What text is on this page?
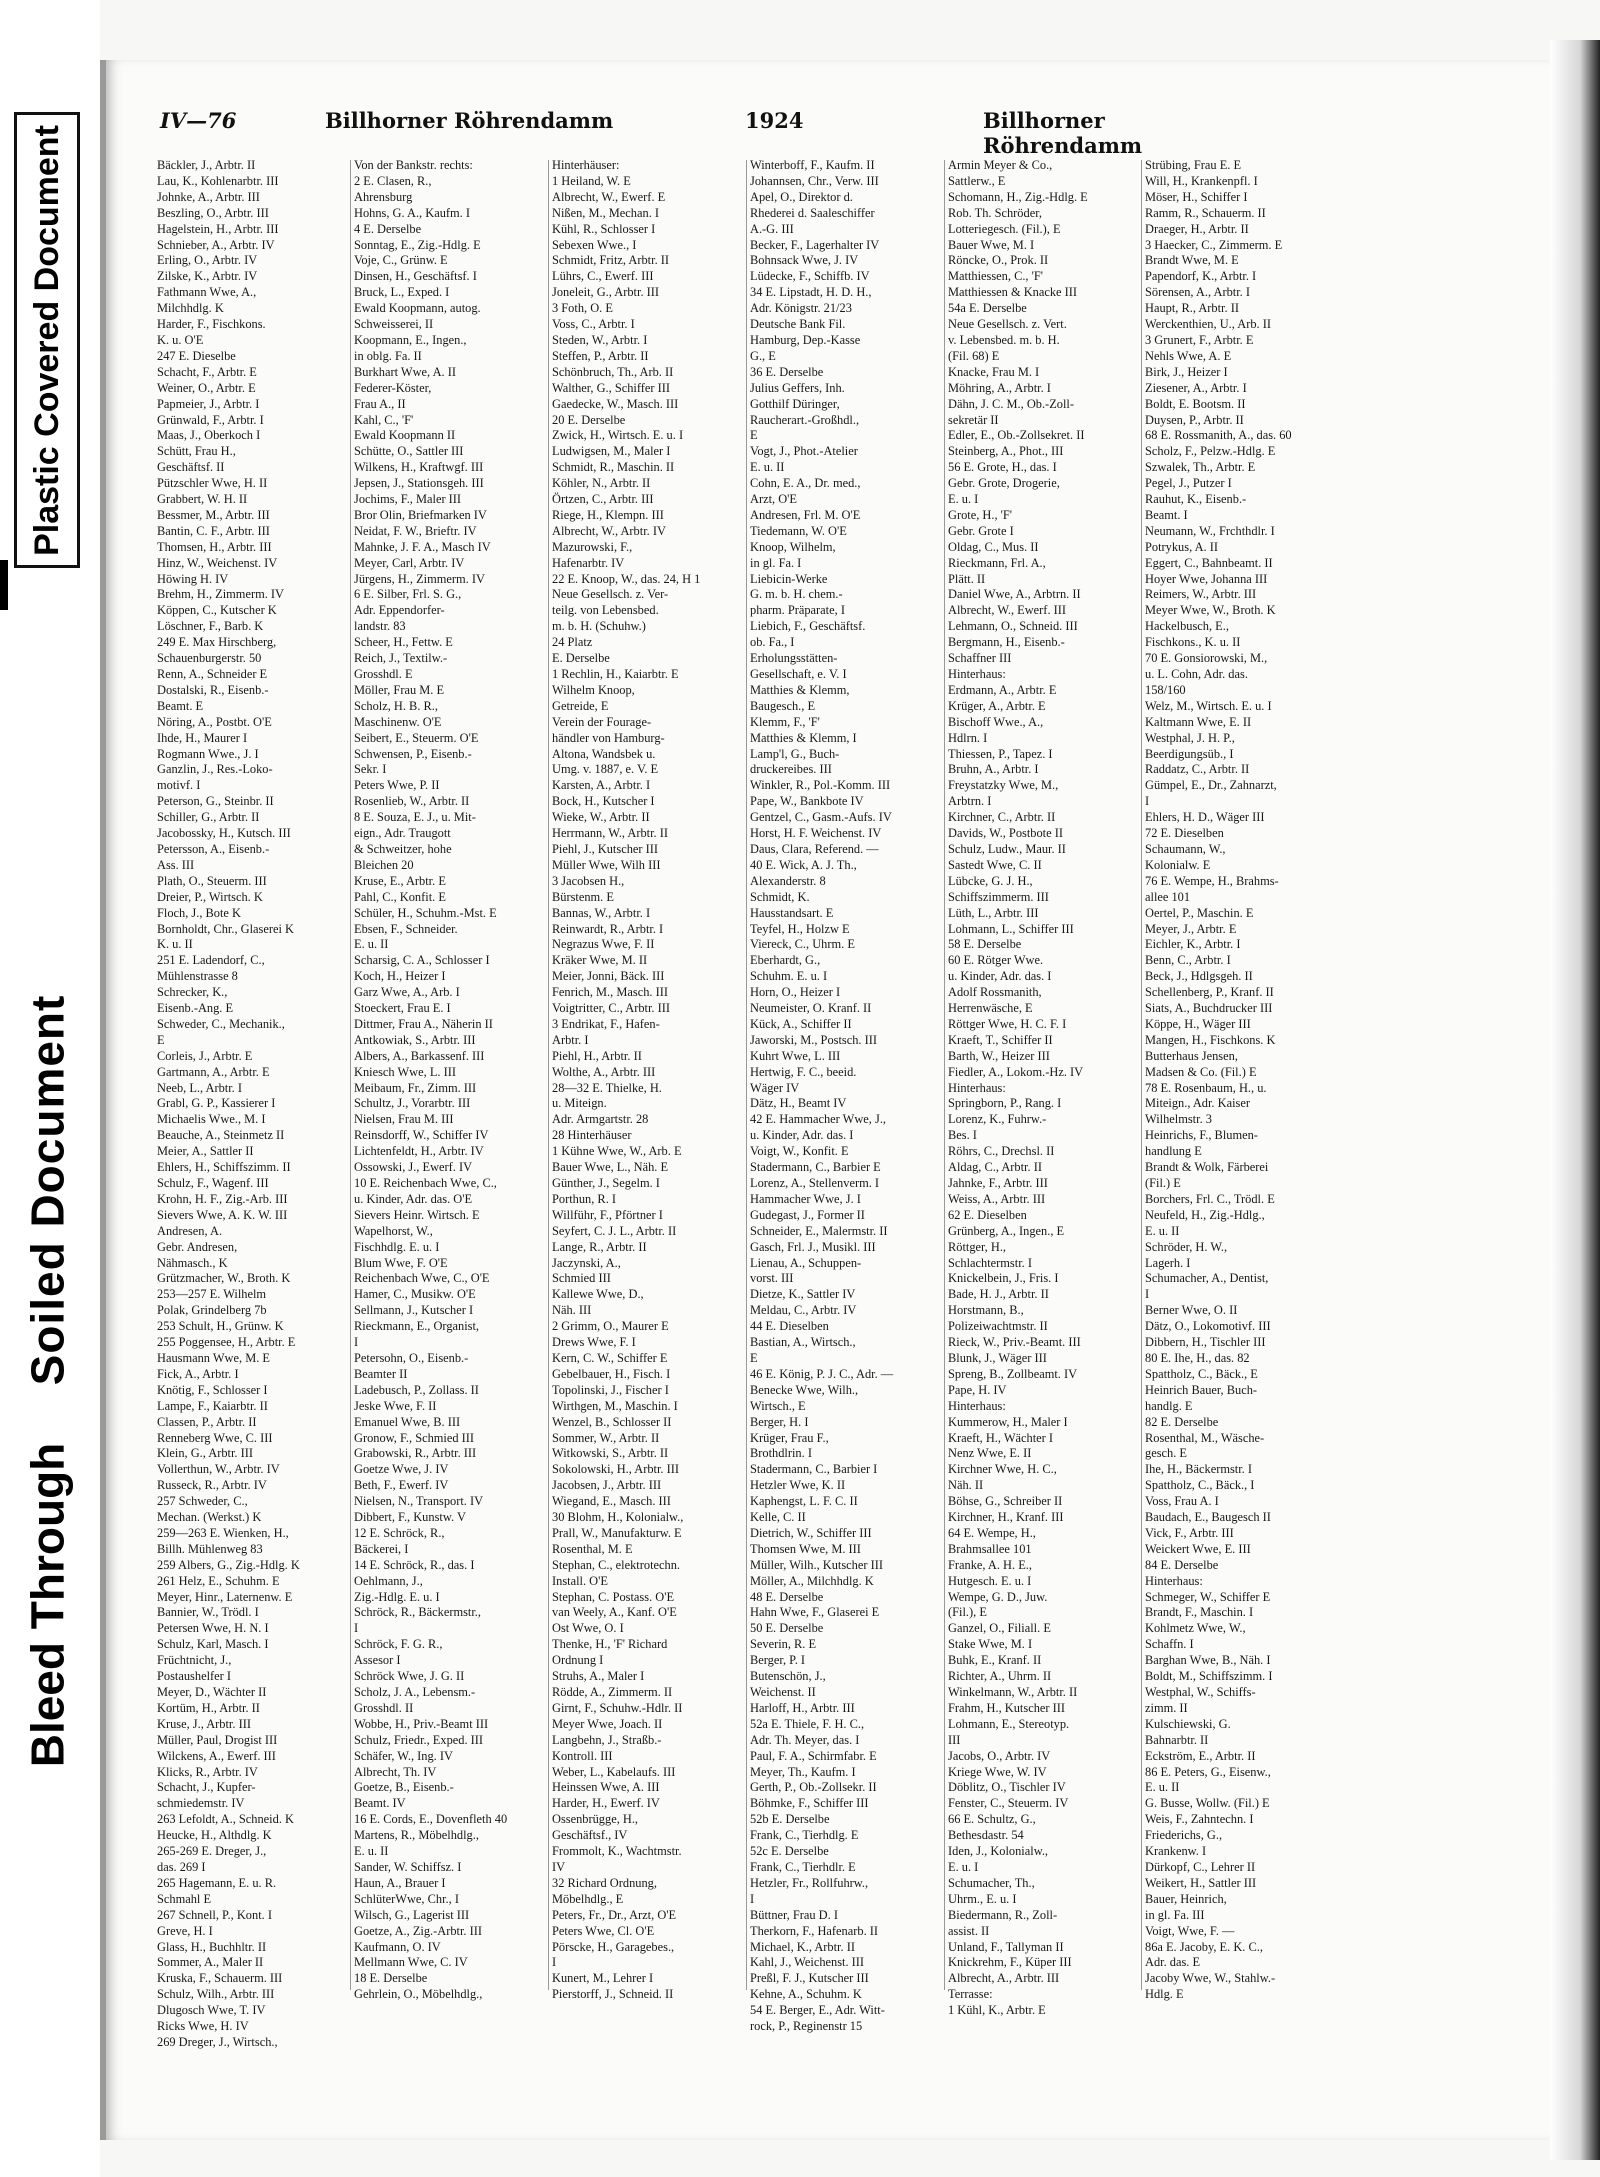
Plastic Covered Document
Soiled Document
Bleed Through
IV—76	Billhorner Röhrendamm	1924	Billhorner Röhrendamm
Bäckler, J., Arbtr. II
Lau, K., Kohlenarbtr. III
Johnke, A., Arbtr. III
Beszling, O., Arbtr. III
Hagelstein, H., Arbtr. III
Schnieber, A., Arbtr. IV
Erling, O., Arbtr. IV
Zilske, K., Arbtr. IV
Fathmann Wwe, A.,
Milchhdlg. K
Harder, F., Fischkons.
K. u. O'E
247 E. Dieselbe
Schacht, F., Arbtr. E
Weiner, O., Arbtr. E
Papmeier, J., Arbtr. I
Grünwald, F., Arbtr. I
Maas, J., Oberkoch I
Schütt, Frau H.,
Geschäftsf. II
Pützschler Wwe, H. II
Grabbert, W. H. II
Bessmer, M., Arbtr. III
Bantin, C. F., Arbtr. III
Thomsen, H., Arbtr. III
Hinz, W., Weichenst. IV
Höwing H. IV
Brehm, H., Zimmerm. IV
Köppen, C., Kutscher K
Löschner, F., Barb. K
249 E. Max Hirschberg,
Schauenburgerstr. 50
Renn, A., Schneider E
Dostalski, R., Eisenb.-
Beamt. E
Nöring, A., Postbt. O'E
Ihde, H., Maurer I
Rogmann Wwe., J. I
Ganzlin, J., Res.-Loko-
motivf. I
Peterson, G., Steinbr. II
Schiller, G., Arbtr. II
Jacobossky, H., Kutsch. III
Petersson, A., Eisenb.-
Ass. III
Plath, O., Steuerm. III
Dreier, P., Wirtsch. K
Floch, J., Bote K
Bornholdt, Chr., Glaserei K
K. u. II
251 E. Ladendorf, C.,
Mühlenstrasse 8
Schrecker, K.,
Eisenb.-Ang. E
Schweder, C., Mechanik.,
E
Corleis, J., Arbtr. E
Gartmann, A., Arbtr. E
Neeb, L., Arbtr. I
Grabl, G. P., Kassierer I
Michaelis Wwe., M. I
Beauche, A., Steinmetz II
Meier, A., Sattler II
Ehlers, H., Schiffszimm. II
Schulz, F., Wagenf. III
Krohn, H. F., Zig.-Arb. III
Sievers Wwe, A. K. W. III
Andresen, A.
Gebr. Andresen,
Nähmasch., K
Grützmacher, W., Broth. K
253—257 E. Wilhelm
Polak, Grindelberg 7b
253 Schult, H., Grünw. K
255 Poggensee, H., Arbtr. E
Hausmann Wwe, M. E
Fick, A., Arbtr. I
Knötig, F., Schlosser I
Lampe, F., Kaiarbtr. II
Classen, P., Arbtr. II
Renneberg Wwe, C. III
Klein, G., Arbtr. III
Vollerthun, W., Arbtr. IV
Russeck, R., Arbtr. IV
257 Schweder, C.,
Mechan. (Werkst.) K
259—263 E. Wienken, H.,
Billh. Mühlenweg 83
259 Albers, G., Zig.-Hdlg. K
261 Helz, E., Schuhm. E
Meyer, Hinr., Laternenw. E
Bannier, W., Trödl. I
Petersen Wwe, H. N. I
Schulz, Karl, Masch. I
Früchtnicht, J.,
Postaushelfer I
Meyer, D., Wächter II
Kortüm, H., Arbtr. II
Kruse, J., Arbtr. III
Müller, Paul, Drogist III
Wilckens, A., Ewerf. III
Klicks, R., Arbtr. IV
Schacht, J., Kupfer-
schmiedemstr. IV
263 Lefoldt, A., Schneid. K
Heucke, H., Althdlg. K
265-269 E. Dreger, J.,
das. 269 I
265 Hagemann, E. u. R.
Schmahl E
267 Schnell, P., Kont. I
Greve, H. I
Glass, H., Buchhltr. II
Sommer, A., Maler II
Kruska, F., Schauerm. III
Schulz, Wilh., Arbtr. III
Dlugosch Wwe, T. IV
Ricks Wwe, H. IV
269 Dreger, J., Wirtsch.,
Von der Bankstr. rechts:
2 E. Clasen, R.,
Ahrensburg
Hohns, G. A., Kaufm. I
4 E. Derselbe
Sonntag, E., Zig.-Hdlg. E
Voje, C., Grünw. E
Dinsen, H., Geschäftsf. I
Bruck, L., Exped. I
Ewald Koopmann, autog.
Schweisserei, II
Koopmann, E., Ingen.,
in oblg. Fa. II
Burkhart Wwe, A. II
Federer-Köster,
Frau A., II
Kahl, C., 'F'
Ewald Koopmann II
Schütte, O., Sattler III
Wilkens, H., Kraftwgf. III
Jepsen, J., Stationsgeh. III
Jochims, F., Maler III
Bror Olin, Briefmarken IV
Neidat, F. W., Brieftr. IV
Mahnke, J. F. A., Masch IV
Meyer, Carl, Arbtr. IV
Jürgens, H., Zimmerm. IV
6 E. Silber, Frl. S. G.,
Adr. Eppendorfer-
landstr. 83
Scheer, H., Fettw. E
Reich, J., Textilw.-
Grosshdl. E
Möller, Frau M. E
Scholz, H. B. R.,
Maschinenw. O'E
Seibert, E., Steuerm. O'E
Schwensen, P., Eisenb.-
Sekr. I
Peters Wwe, P. II
Rosenlieb, W., Arbtr. II
8 E. Souza, E. J., u. Mit-
eign., Adr. Traugott
& Schweitzer, hohe
Bleichen 20
Kruse, E., Arbtr. E
Pahl, C., Konfit. E
Schüler, H., Schuhm.-Mst. E
Ebsen, F., Schneider.
E. u. II
Scharsig, C. A., Schlosser I
Koch, H., Heizer I
Garz Wwe, A., Arb. I
Stoeckert, Frau E. I
Dittmer, Frau A., Näherin II
Antkowiak, S., Arbtr. III
Albers, A., Barkassenf. III
Kniesch Wwe, L. III
Meibaum, Fr., Zimm. III
Schultz, J., Vorarbtr. III
Nielsen, Frau M. III
Reinsdorff, W., Schiffer IV
Lichtenfeldt, H., Arbtr. IV
Ossowski, J., Ewerf. IV
10 E. Reichenbach Wwe, C.,
u. Kinder, Adr. das. O'E
Sievers Heinr. Wirtsch. E
Wapelhorst, W.,
Fischhdlg. E. u. I
Blum Wwe, F. O'E
Reichenbach Wwe, C., O'E
Hamer, C., Musikw. O'E
Sellmann, J., Kutscher I
Rieckmann, E., Organist,
I
Petersohn, O., Eisenb.-
Beamter II
Ladebusch, P., Zollass. II
Jeske Wwe, F. II
Emanuel Wwe, B. III
Gronow, F., Schmied III
Grabowski, R., Arbtr. III
Goetze Wwe, J. IV
Beth, F., Ewerf. IV
Nielsen, N., Transport. IV
Dibbert, F., Kunstw. V
12 E. Schröck, R.,
Bäckerei, I
14 E. Schröck, R., das. I
Oehlmann, J.,
Zig.-Hdlg. E. u. I
Schröck, R., Bäckermstr.,
I
Schröck, F. G. R.,
Assesor I
Schröck Wwe, J. G. II
Scholz, J. A., Lebensm.-
Grosshdl. II
Wobbe, H., Priv.-Beamt III
Schulz, Friedr., Exped. III
Schäfer, W., Ing. IV
Albrecht, Th. IV
Goetze, B., Eisenb.-
Beamt. IV
16 E. Cords, E., Dovenfleth 40
Martens, R., Möbelhdlg.,
E. u. II
Sander, W. Schiffsz. I
Haun, A., Brauer I
SchlüterWwe, Chr., I
Wilsch, G., Lagerist III
Goetze, A., Zig.-Arbtr. III
Kaufmann, O. IV
Mellmann Wwe, C. IV
18 E. Derselbe
Gehrlein, O., Möbelhdlg.,
Hinterhäuser:
1 Heiland, W. E
Albrecht, W., Ewerf. E
Nißen, M., Mechan. I
Kühl, R., Schlosser I
Sebexen Wwe., I
Schmidt, Fritz, Arbtr. II
Lührs, C., Ewerf. III
Joneleit, G., Arbtr. III
3 Foth, O. E
Voss, C., Arbtr. I
Steden, W., Arbtr. I
Steffen, P., Arbtr. II
Schönbruch, Th., Arb. II
Walther, G., Schiffer III
Gaedecke, W., Masch. III
20 E. Derselbe
Zwick, H., Wirtsch. E. u. I
Ludwigsen, M., Maler I
Schmidt, R., Maschin. II
Köhler, N., Arbtr. II
Örtzen, C., Arbtr. III
Riege, H., Klempn. III
Albrecht, W., Arbtr. IV
Mazurowski, F.,
Hafenarbtr. IV
22 E. Knoop, W., das. 24, H 1
Neue Gesellsch. z. Ver-
teilg. von Lebensbed.
m. b. H. (Schuhw.)
24 Platz
E. Derselbe
1 Rechlin, H., Kaiarbtr. E
Wilhelm Knoop,
Getreide, E
Verein der Fourage-
händler von Hamburg-
Altona, Wandsbek u.
Umg. v. 1887, e. V. E
Karsten, A., Arbtr. I
Bock, H., Kutscher I
Wieke, W., Arbtr. II
Herrmann, W., Arbtr. II
Piehl, J., Kutscher III
Müller Wwe, Wilh III
3 Jacobsen H.,
Bürstenm. E
Bannas, W., Arbtr. I
Reinwardt, R., Arbtr. I
Negrazus Wwe, F. II
Kräker Wwe, M. II
Meier, Jonni, Bäck. III
Fenrich, M., Masch. III
Voigtritter, C., Arbtr. III
3 Endrikat, F., Hafen-
Arbtr. I
Piehl, H., Arbtr. II
Wolthe, A., Arbtr. III
28—32 E. Thielke, H.
u. Miteign.
Adr. Armgartstr. 28
28 Hinterhäuser
1 Kühne Wwe, W., Arb. E
Bauer Wwe, L., Näh. E
Günther, J., Segelm. I
Porthun, R. I
Willführ, F., Pförtner I
Seyfert, C. J. L., Arbtr. II
Lange, R., Arbtr. II
Jaczynski, A.,
Schmied III
Kallewe Wwe, D.,
Näh. III
2 Grimm, O., Maurer E
Drews Wwe, F. I
Kern, C. W., Schiffer E
Gebelbauer, H., Fisch. I
Topolinski, J., Fischer I
Wirthgen, M., Maschin. I
Wenzel, B., Schlosser II
Sommer, W., Arbtr. II
Witkowski, S., Arbtr. II
Sokolowski, H., Arbtr. III
Jacobsen, J., Arbtr. III
Wiegand, E., Masch. III
30 Blohm, H., Kolonialw.,
Prall, W., Manufakturw. E
Rosenthal, M. E
Stephan, C., elektrotechn.
Install. O'E
Stephan, C. Postass. O'E
van Weely, A., Kanf. O'E
Ost Wwe, O. I
Thenke, H., 'F' Richard
Ordnung I
Struhs, A., Maler I
Rödde, A., Zimmerm. II
Girnt, F., Schuhw.-Hdlr. II
Meyer Wwe, Joach. II
Langbehn, J., Straßb.-
Kontroll. III
Weber, L., Kabelaufs. III
Heinssen Wwe, A. III
Harder, H., Ewerf. IV
Ossenbrügge, H.,
Geschäftsf., IV
Frommolt, K., Wachtmstr.
IV
32 Richard Ordnung,
Möbelhdlg., E
Peters, Fr., Dr., Arzt, O'E
Peters Wwe, Cl. O'E
Pörscke, H., Garagebes.,
I
Kunert, M., Lehrer I
Pierstorff, J., Schneid. II
Winterboff, F., Kaufm. II
Johannsen, Chr., Verw. III
Apel, O., Direktor d.
Rhederei d. Saaleschiffer
A.-G. III
Becker, F., Lagerhalter IV
Bohnsack Wwe, J. IV
Lüdecke, F., Schiffb. IV
34 E. Lipstadt, H. D. H.,
Adr. Königstr. 21/23
Deutsche Bank Fil.
Hamburg, Dep.-Kasse
G., E
36 E. Derselbe
Julius Geffers, Inh.
Gotthilf Düringer,
Raucherart.-Großhdl.,
E
Vogt, J., Phot.-Atelier
E. u. II
Cohn, E. A., Dr. med.,
Arzt, O'E
Andresen, Frl. M. O'E
Tiedemann, W. O'E
Knoop, Wilhelm,
in gl. Fa. I
Liebicin-Werke
G. m. b. H. chem.-
pharm. Präparate, I
Liebich, F., Geschäftsf.
ob. Fa., I
Erholungsstätten-
Gesellschaft, e. V. I
Matthies & Klemm,
Baugesch., E
Klemm, F., 'F'
Matthies & Klemm, I
Lamp'l, G., Buch-
druckereibes. III
Winkler, R., Pol.-Komm. III
Pape, W., Bankbote IV
Gentzel, C., Gasm.-Aufs. IV
Horst, H. F. Weichenst. IV
Daus, Clara, Referend. —
40 E. Wick, A. J. Th.,
Alexanderstr. 8
Schmidt, K.
Hausstandsart. E
Teyfel, H., Holzw E
Viereck, C., Uhrm. E
Eberhardt, G.,
Schuhm. E. u. I
Horn, O., Heizer I
Neumeister, O. Kranf. II
Kück, A., Schiffer II
Jaworski, M., Postsch. III
Kuhrt Wwe, L. III
Hertwig, F. C., beeid.
Wäger IV
Dätz, H., Beamt IV
42 E. Hammacher Wwe, J.,
u. Kinder, Adr. das. I
Voigt, W., Konfit. E
Stadermann, C., Barbier E
Lorenz, A., Stellenverm. I
Hammacher Wwe, J. I
Gudegast, J., Former II
Schneider, E., Malermstr. II
Gasch, Frl. J., Musikl. III
Lienau, A., Schuppen-
vorst. III
Dietze, K., Sattler IV
Meldau, C., Arbtr. IV
44 E. Dieselben
Bastian, A., Wirtsch.,
E
46 E. König, P. J. C., Adr. —
Benecke Wwe, Wilh.,
Wirtsch., E
Berger, H. I
Krüger, Frau F.,
Brothdlrin. I
Stadermann, C., Barbier I
Hetzler Wwe, K. II
Kaphengst, L. F. C. II
Kelle, C. II
Dietrich, W., Schiffer III
Thomsen Wwe, M. III
Müller, Wilh., Kutscher III
Möller, A., Milchhdlg. K
48 E. Derselbe
Hahn Wwe, F., Glaserei E
50 E. Derselbe
Severin, R. E
Berger, P. I
Butenschön, J.,
Weichenst. II
Harloff, H., Arbtr. III
52a E. Thiele, F. H. C.,
Adr. Th. Meyer, das. I
Paul, F. A., Schirmfabr. E
Meyer, Th., Kaufm. I
Gerth, P., Ob.-Zollsekr. II
Böhmke, F., Schiffer III
52b E. Derselbe
Frank, C., Tierhdlg. E
52c E. Derselbe
Frank, C., Tierhdlr. E
Hetzler, Fr., Rollfuhrw.,
I
Büttner, Frau D. I
Therkorn, F., Hafenarb. II
Michael, K., Arbtr. II
Kahl, J., Weichenst. III
Preßl, F. J., Kutscher III
Kehne, A., Schuhm. K
54 E. Berger, E., Adr. Witt-
rock, P., Reginenstr 15
Armin Meyer & Co.,
Sattlerw., E
Schomann, H., Zig.-Hdlg. E
Rob. Th. Schröder,
Lotteriegesch. (Fil.), E
Bauer Wwe, M. I
Röncke, O., Prok. II
Matthiessen, C., 'F'
Matthiessen & Knacke III
54a E. Derselbe
Neue Gesellsch. z. Vert.
v. Lebensbed. m. b. H.
(Fil. 68) E
Knacke, Frau M. I
Möhring, A., Arbtr. I
Dähn, J. C. M., Ob.-Zoll-
sekretär II
Edler, E., Ob.-Zollsekret. II
Steinberg, A., Phot., III
56 E. Grote, H., das. I
Gebr. Grote, Drogerie,
E. u. I
Grote, H., 'F'
Gebr. Grote I
Oldag, C., Mus. II
Rieckmann, Frl. A.,
Plätt. II
Daniel Wwe, A., Arbtrn. II
Albrecht, W., Ewerf. III
Lehmann, O., Schneid. III
Bergmann, H., Eisenb.-
Schaffner III
Hinterhaus:
Erdmann, A., Arbtr. E
Krüger, A., Arbtr. E
Bischoff Wwe., A.,
Hdlrn. I
Thiessen, P., Tapez. I
Bruhn, A., Arbtr. I
Freystatzky Wwe, M.,
Arbtrn. I
Kirchner, C., Arbtr. II
Davids, W., Postbote II
Schulz, Ludw., Maur. II
Sastedt Wwe, C. II
Lübcke, G. J. H.,
Schiffszimmerm. III
Lüth, L., Arbtr. III
Lohmann, L., Schiffer III
58 E. Derselbe
60 E. Rötger Wwe.
u. Kinder, Adr. das. I
Adolf Rossmanith,
Herrenwäsche, E
Röttger Wwe, H. C. F. I
Kraeft, T., Schiffer II
Barth, W., Heizer III
Fiedler, A., Lokom.-Hz. IV
Hinterhaus:
Springborn, P., Rang. I
Lorenz, K., Fuhrw.-
Bes. I
Röhrs, C., Drechsl. II
Aldag, C., Arbtr. II
Jahnke, F., Arbtr. III
Weiss, A., Arbtr. III
62 E. Dieselben
Grünberg, A., Ingen., E
Röttger, H.,
Schlachtermstr. I
Knickelbein, J., Fris. I
Bade, H. J., Arbtr. II
Horstmann, B.,
Polizeiwachtmstr. II
Rieck, W., Priv.-Beamt. III
Blunk, J., Wäger III
Spreng, B., Zollbeamt. IV
Pape, H. IV
Hinterhaus:
Kummerow, H., Maler I
Kraeft, H., Wächter I
Nenz Wwe, E. II
Kirchner Wwe, H. C.,
Näh. II
Böhse, G., Schreiber II
Kirchner, H., Kranf. III
64 E. Wempe, H.,
Brahmsallee 101
Franke, A. H. E.,
Hutgesch. E. u. I
Wempe, G. D., Juw.
(Fil.), E
Ganzel, O., Filiall. E
Stake Wwe, M. I
Buhk, E., Kranf. II
Richter, A., Uhrm. II
Winkelmann, W., Arbtr. II
Frahm, H., Kutscher III
Lohmann, E., Stereotyp.
III
Jacobs, O., Arbtr. IV
Kriege Wwe, W. IV
Döblitz, O., Tischler IV
Fenster, C., Steuerm. IV
66 E. Schultz, G.,
Bethesdastr. 54
Iden, J., Kolonialw.,
E. u. I
Schumacher, Th.,
Uhrm., E. u. I
Biedermann, R., Zoll-
assist. II
Unland, F., Tallyman II
Knickrehm, F., Küper III
Albrecht, A., Arbtr. III
Terrasse:
1 Kühl, K., Arbtr. E
Strübing, Frau E. E
Will, H., Krankenpfl. I
Möser, H., Schiffer I
Ramm, R., Schauerm. II
Draeger, H., Arbtr. II
3 Haecker, C., Zimmerm. E
Brandt Wwe, M. E
Papendorf, K., Arbtr. I
Sörensen, A., Arbtr. I
Haupt, R., Arbtr. II
Werckenthien, U., Arb. II
3 Grunert, F., Arbtr. E
Nehls Wwe, A. E
Birk, J., Heizer I
Ziesener, A., Arbtr. I
Boldt, E. Bootsm. II
Duysen, P., Arbtr. II
68 E. Rossmanith, A., das. 60
Scholz, F., Pelzw.-Hdlg. E
Szwalek, Th., Arbtr. E
Pegel, J., Putzer I
Rauhut, K., Eisenb.-
Beamt. I
Neumann, W., Frchthdlr. I
Potrykus, A. II
Eggert, C., Bahnbeamt. II
Hoyer Wwe, Johanna III
Reimers, W., Arbtr. III
Meyer Wwe, W., Broth. K
Hackelbusch, E.,
Fischkons., K. u. II
70 E. Gonsiorowski, M.,
u. L. Cohn, Adr. das.
158/160
Welz, M., Wirtsch. E. u. I
Kaltmann Wwe, E. II
Westphal, J. H. P.,
Beerdigungsüb., I
Raddatz, C., Arbtr. II
Gümpel, E., Dr., Zahnarzt,
I
Ehlers, H. D., Wäger III
72 E. Dieselben
Schaumann, W.,
Kolonialw. E
76 E. Wempe, H., Brahms-
allee 101
Oertel, P., Maschin. E
Meyer, J., Arbtr. E
Eichler, K., Arbtr. I
Benn, C., Arbtr. I
Beck, J., Hdlgsgeh. II
Schellenberg, P., Kranf. II
Siats, A., Buchdrucker III
Köppe, H., Wäger III
Mangen, H., Fischkons. K
Butterhaus Jensen,
Madsen & Co. (Fil.) E
78 E. Rosenbaum, H., u.
Miteign., Adr. Kaiser
Wilhelmstr. 3
Heinrichs, F., Blumen-
handlung E
Brandt & Wolk, Färberei
(Fil.) E
Borchers, Frl. C., Trödl. E
Neufeld, H., Zig.-Hdlg.,
E. u. II
Schröder, H. W.,
Lagerh. I
Schumacher, A., Dentist,
I
Berner Wwe, O. II
Dätz, O., Lokomotivf. III
Dibbern, H., Tischler III
80 E. Ihe, H., das. 82
Spattholz, C., Bäck., E
Heinrich Bauer, Buch-
handlg. E
82 E. Derselbe
Rosenthal, M., Wäsche-
gesch. E
Ihe, H., Bäckermstr. I
Spattholz, C., Bäck., I
Voss, Frau A. I
Baudach, E., Baugesch II
Vick, F., Arbtr. III
Weickert Wwe, E. III
84 E. Derselbe
Hinterhaus:
Schmeger, W., Schiffer E
Brandt, F., Maschin. I
Kohlmetz Wwe, W.,
Schaffn. I
Barghan Wwe, B., Näh. I
Boldt, M., Schiffszimm. I
Westphal, W., Schiffs-
zimm. II
Kulschiewski, G.
Bahnarbtr. II
Eckström, E., Arbtr. II
86 E. Peters, G., Eisenw.,
E. u. II
G. Busse, Wollw. (Fil.) E
Weis, F., Zahntechn. I
Friederichs, G.,
Krankenw. I
Dürkopf, C., Lehrer II
Weikert, H., Sattler III
Bauer, Heinrich,
in gl. Fa. III
Voigt, Wwe, F. —
86a E. Jacoby, E. K. C.,
Adr. das. E
Jacoby Wwe, W., Stahlw.-
Hdlg. E
